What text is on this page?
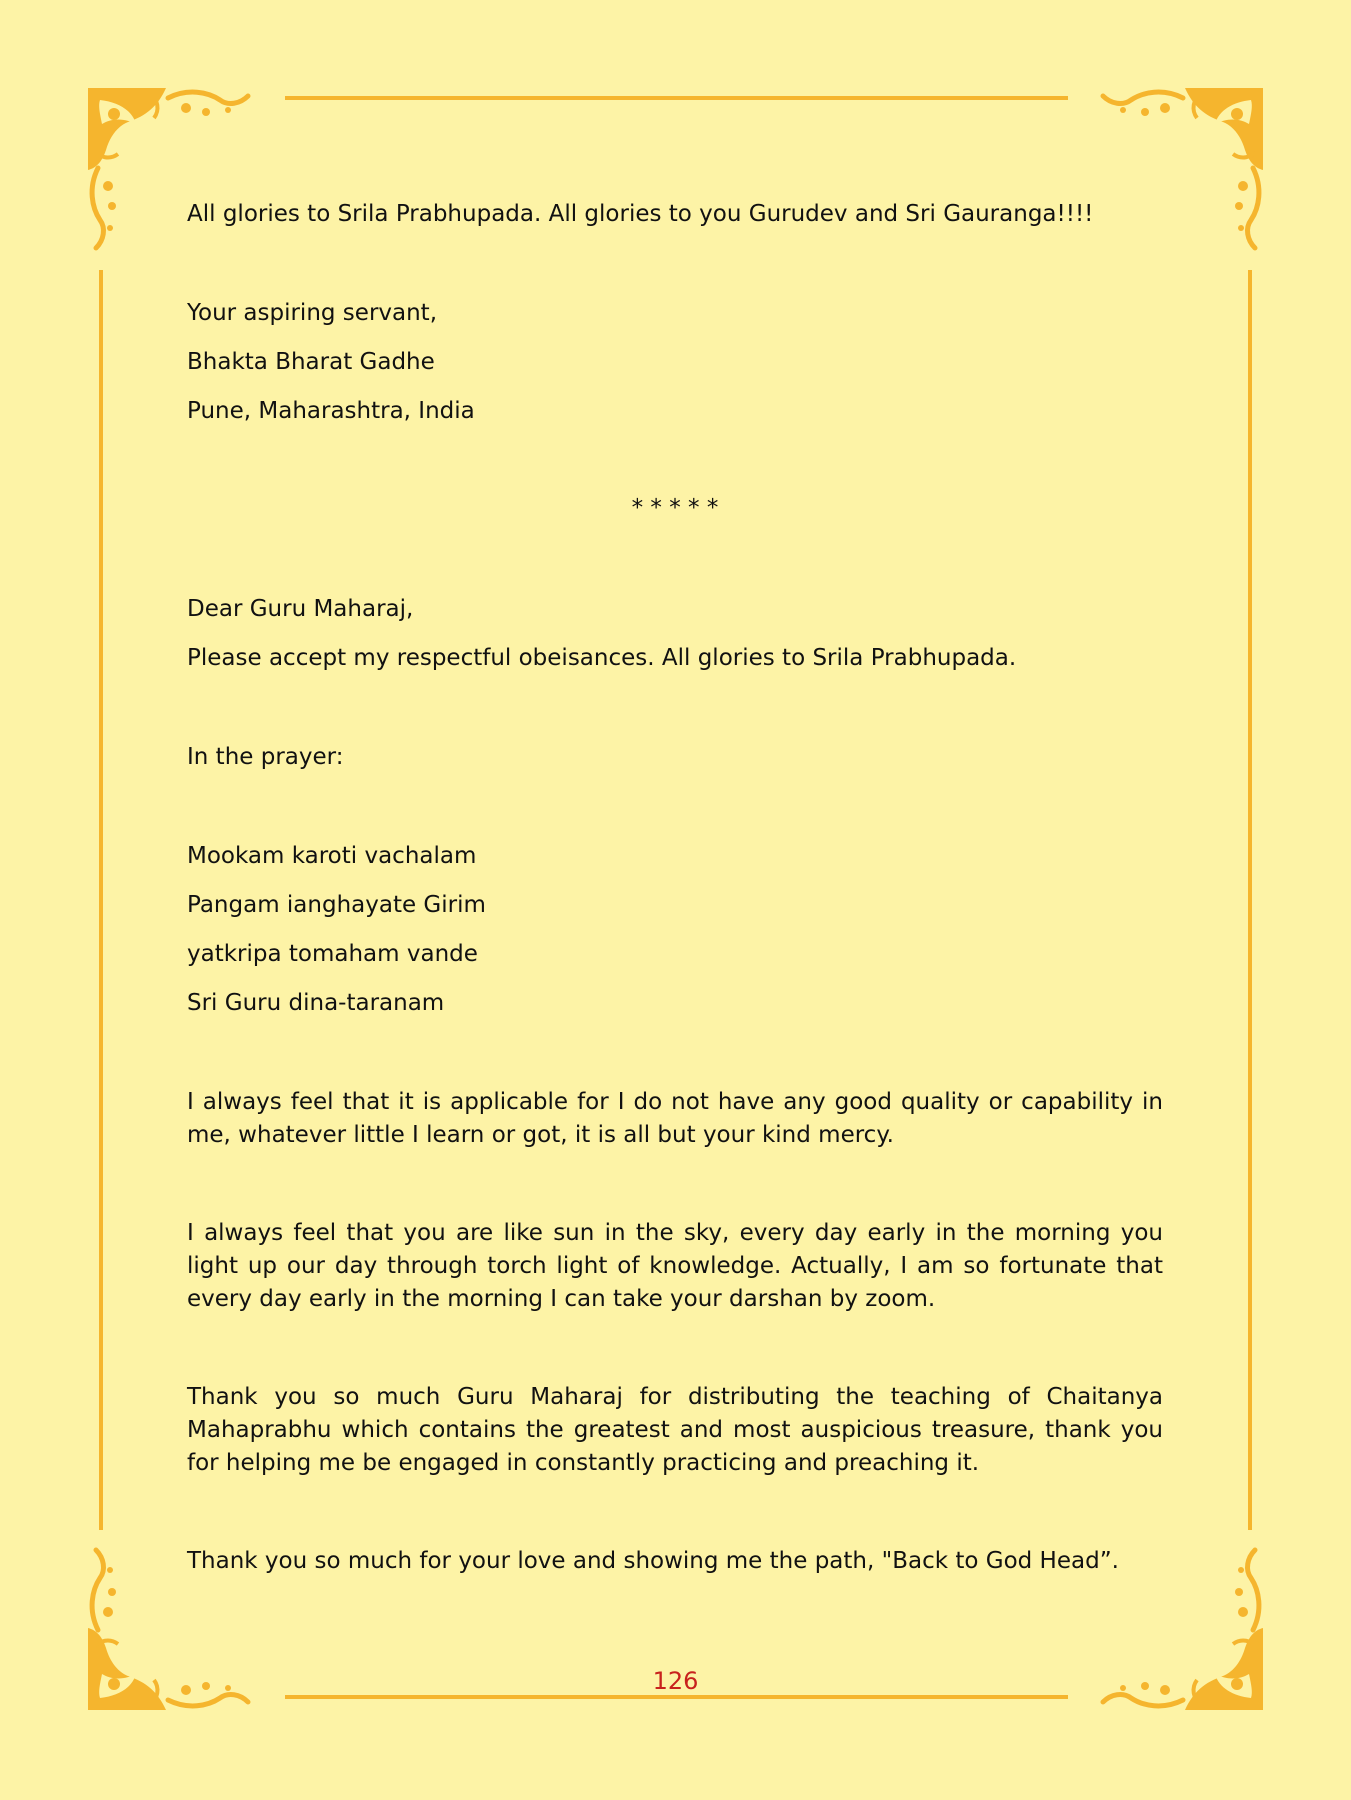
All glories to Srila Prabhupada. All glories to you Gurudev and Sri Gauranga!!!!

Your aspiring servant,

Bhakta Bharat Gadhe

Pune, Maharashtra, India

* * * * *

Dear Guru Maharaj,

Please accept my respectful obeisances. All glories to Srila Prabhupada.

In the prayer:

Mookam karoti vachalam

Pangam ianghayate Girim

yatkripa tomaham vande

Sri Guru dina-taranam

I always feel that it is applicable for I do not have any good quality or capability in me, whatever little I learn or got, it is all but your kind mercy.

I always feel that you are like sun in the sky, every day early in the morning you light up our day through torch light of knowledge. Actually, I am so fortunate that every day early in the morning I can take your darshan by zoom.

Thank you so much Guru Maharaj for distributing the teaching of Chaitanya Mahaprabhu which contains the greatest and most auspicious treasure, thank you for helping me be engaged in constantly practicing and preaching it.

Thank you so much for your love and showing me the path, "Back to God Head”.

126
